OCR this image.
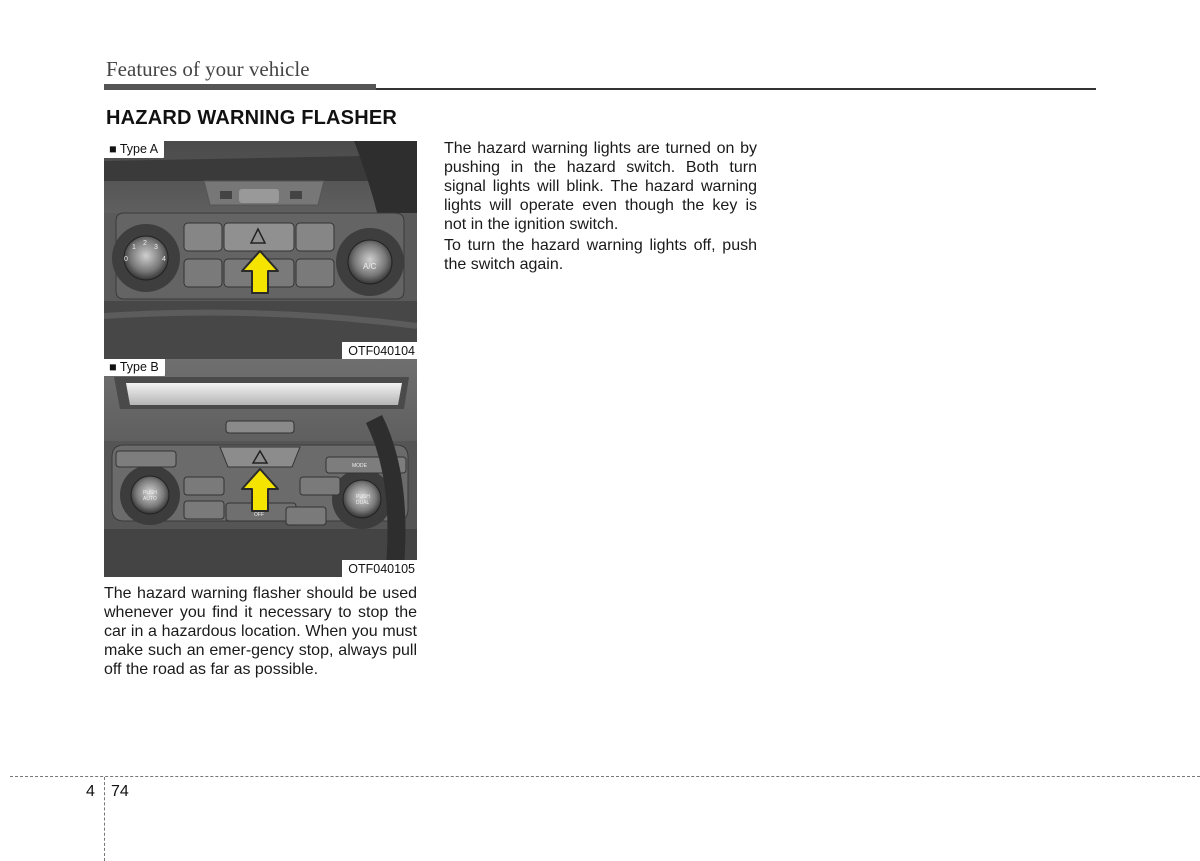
Features of your vehicle
HAZARD WARNING FLASHER
1
2
3
0	4
A/C
■ Type A
OTF040104
PUSH
AUTO
OFF
MODE
PUSH
DUAL
■ Type B
OTF040105

The hazard warning flasher should be used whenever you find it necessary to stop the car in a hazardous location. When you must make such an emer-gency stop, always pull off the road as far as possible.

The hazard warning lights are turned on by pushing in the hazard switch. Both turn signal lights will blink. The hazard warning lights will operate even though the key is not in the ignition switch.

To turn the hazard warning lights off, push the switch again.

4 74
